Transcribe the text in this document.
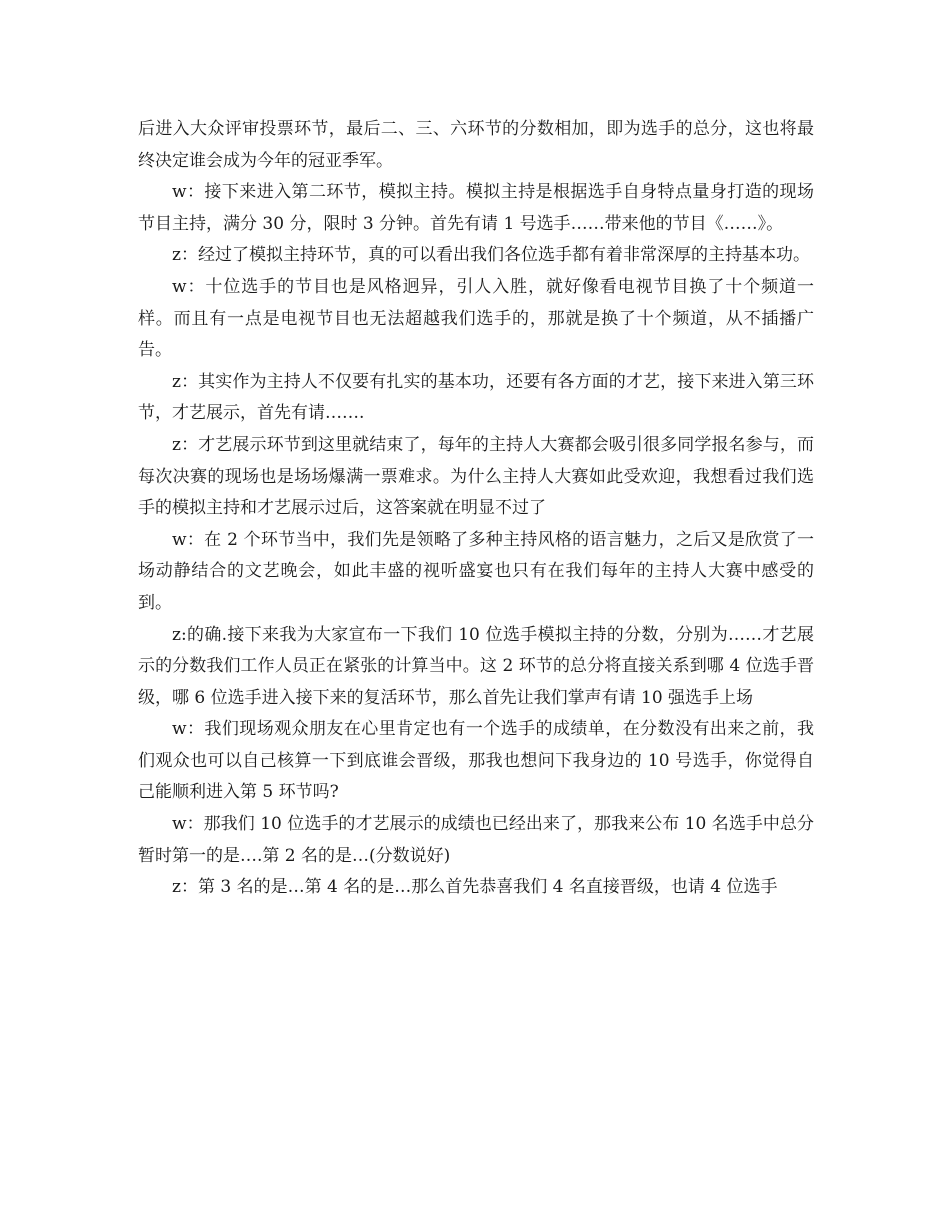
后进入大众评审投票环节，最后二、三、六环节的分数相加，即为选手的总分，这也将最终决定谁会成为今年的冠亚季军。

w：接下来进入第二环节，模拟主持。模拟主持是根据选手自身特点量身打造的现场节目主持，满分 30 分，限时 3 分钟。首先有请 1 号选手……带来他的节目《……》。

z：经过了模拟主持环节，真的可以看出我们各位选手都有着非常深厚的主持基本功。

w：十位选手的节目也是风格迥异，引人入胜，就好像看电视节目换了十个频道一样。而且有一点是电视节目也无法超越我们选手的，那就是换了十个频道，从不插播广告。

z：其实作为主持人不仅要有扎实的基本功，还要有各方面的才艺，接下来进入第三环节，才艺展示，首先有请…….

z：才艺展示环节到这里就结束了，每年的主持人大赛都会吸引很多同学报名参与，而每次决赛的现场也是场场爆满一票难求。为什么主持人大赛如此受欢迎，我想看过我们选手的模拟主持和才艺展示过后，这答案就在明显不过了

w：在 2 个环节当中，我们先是领略了多种主持风格的语言魅力，之后又是欣赏了一场动静结合的文艺晚会，如此丰盛的视听盛宴也只有在我们每年的主持人大赛中感受的到。

z:的确.接下来我为大家宣布一下我们 10 位选手模拟主持的分数，分别为……才艺展示的分数我们工作人员正在紧张的计算当中。这 2 环节的总分将直接关系到哪 4 位选手晋级，哪 6 位选手进入接下来的复活环节，那么首先让我们掌声有请 10 强选手上场

w：我们现场观众朋友在心里肯定也有一个选手的成绩单，在分数没有出来之前，我们观众也可以自己核算一下到底谁会晋级，那我也想问下我身边的 10 号选手，你觉得自己能顺利进入第 5 环节吗?

w：那我们 10 位选手的才艺展示的成绩也已经出来了，那我来公布 10 名选手中总分暂时第一的是….第 2 名的是…(分数说好)

z：第 3 名的是…第 4 名的是…那么首先恭喜我们 4 名直接晋级，也请 4 位选手
